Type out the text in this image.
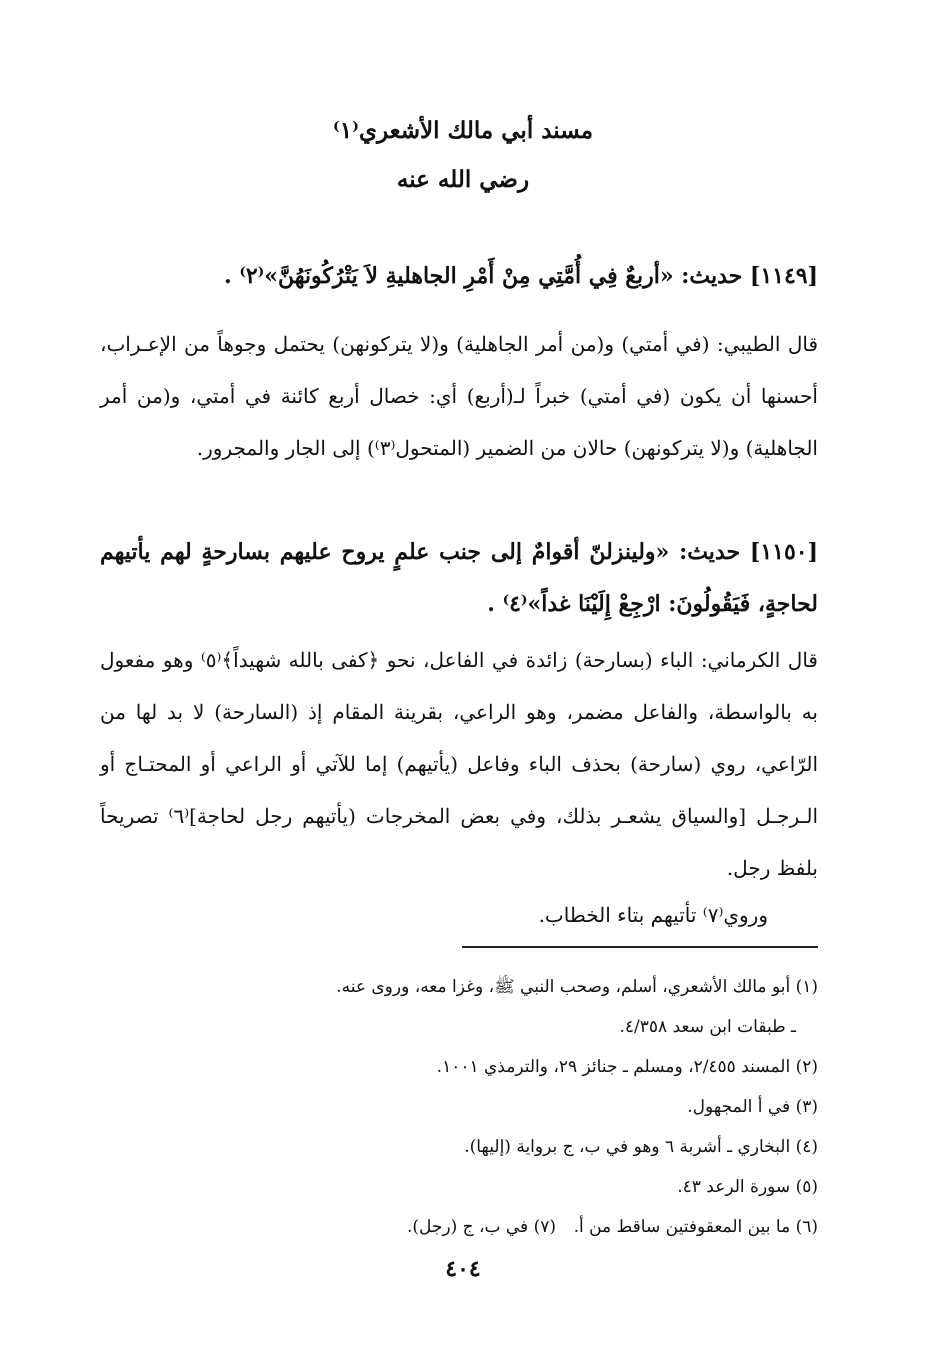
مسند أبي مالك الأشعري⁽١⁾
رضي الله عنه
[١١٤٩] حديث: «أربعٌ فِي أُمَّتِي مِنْ أَمْرِ الجاهليةِ لاَ يَتْرُكُونَهُنَّ»⁽٢⁾ .
قال الطيبي: (في أمتي) و(من أمر الجاهلية) و(لا يتركونهن) يحتمل وجوهاً من الإعـراب، أحسنها أن يكون (في أمتي) خبراً لـ(أربع) أي: خصال أربع كائنة في أمتي، و(من أمر الجاهلية) و(لا يتركونهن) حالان من الضمير (المتحول⁽٣⁾) إلى الجار والمجرور.
[١١٥٠] حديث: «ولينزلنّ أقوامٌ إلى جنب علمٍ يروح عليهم بسارحةٍ لهم يأتيهم لحاجةٍ، فَيَقُولُونَ: ارْجِعْ إِلَيْنَا غداً»⁽٤⁾ .
قال الكرماني: الباء (بسارحة) زائدة في الفاعل، نحو ﴿كفى بالله شهيداً﴾⁽٥⁾ وهو مفعول به بالواسطة، والفاعل مضمر، وهو الراعي، بقرينة المقام إذ (السارحة) لا بد لها من الرّاعي، روي (سارحة) بحذف الباء وفاعل (يأتيهم) إما للآتي أو الراعي أو المحتـاج أو الـرجـل [والسياق يشعـر بذلك، وفي بعض المخرجات (يأتيهم رجل لحاجة]⁽٦⁾ تصريحاً بلفظ رجل.
وروي⁽٧⁾ تأتيهم بتاء الخطاب.
(١) أبو مالك الأشعري، أسلم، وصحب النبي ﷺ، وغزا معه، وروى عنه.
ـ طبقات ابن سعد ٤/٣٥٨.
(٢) المسند ٢/٤٥٥، ومسلم ـ جنائز ٢٩، والترمذي ١٠٠١.
(٣) في أ المجهول.
(٤) البخاري ـ أشربة ٦ وهو في ب، ج برواية (إليها).
(٥) سورة الرعد ٤٣.
(٦) ما بين المعقوفتين ساقط من أ.
(٧) في ب، ج (رجل).
٤٠٤
